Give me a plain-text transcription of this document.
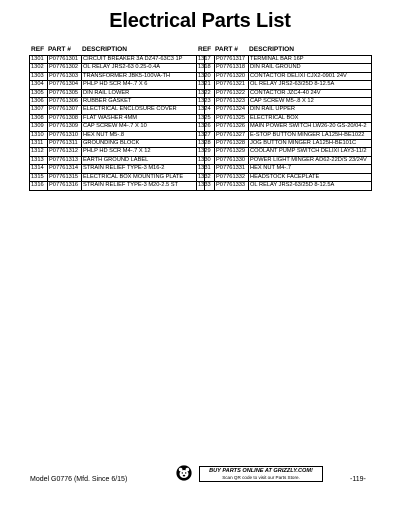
Electrical Parts List
REF PART #	DESCRIPTION
1301	P07761301	CIRCUIT BREAKER 3A DZ47-63C3 1P
1302	P07761302	OL RELAY JRS2-63 0.25-0.4A
1303	P07761303	TRANSFORMER JBK5-100VA-TH
1304	P07761304	PHLP HD SCR M4-.7 X 6
1305	P07761305	DIN RAIL LOWER
1306	P07761306	RUBBER GASKET
1307	P07761307	ELECTRICAL ENCLOSURE COVER
1308	P07761308	FLAT WASHER 4MM
1309	P07761309	CAP SCREW M4-.7 X 10
1310	P07761310	HEX NUT M5-.8
1311	P07761311	GROUNDING BLOCK
1312	P07761312	PHLP HD SCR M4-.7 X 12
1313	P07761313	EARTH GROUND LABEL
1314	P07761314	STRAIN RELIEF TYPE-3 M16-2
1315	P07761315	ELECTRICAL BOX MOUNTING PLATE
1316	P07761316	STRAIN RELIEF TYPE-3 M20-2.5 ST
REF PART #	DESCRIPTION
1317	P07761317	TERMINAL BAR 16P
1318	P07761318	DIN RAIL GROUND
1320	P07761320	CONTACTOR DELIXI CJX2-0901 24V
1321	P07761321	OL RELAY JRS2-63/25D 8-12.5A
1322	P07761322	CONTACTOR JZC4-40 24V
1323	P07761323	CAP SCREW M5-.8 X 12
1324	P07761324	DIN RAIL UPPER
1325	P07761325	ELECTRICAL BOX
1326	P07761326	MAIN POWER SWITCH LW26-20 GS-20/04-2
1327	P07761327	E-STOP BUTTON MINGER LA125H-BE1022
1328	P07761328	JOG BUTTON MINGER LA125H-BE101C
1329	P07761329	COOLANT PUMP SWITCH DELIXI LAY3-11/2
1330	P07761330	POWER LIGHT MINGER AD62-22D/S 23/24V
1331	P07761331	HEX NUT M4-.7
1332	P07761332	HEADSTOCK FACEPLATE
1333	P07761333	OL RELAY JRS2-63/25D 8-12.5A
Model G0776 (Mfd. Since 6/15)
BUY PARTS ONLINE AT GRIZZLY.COM!
Scan QR code to visit our Parts Store.	-119-
